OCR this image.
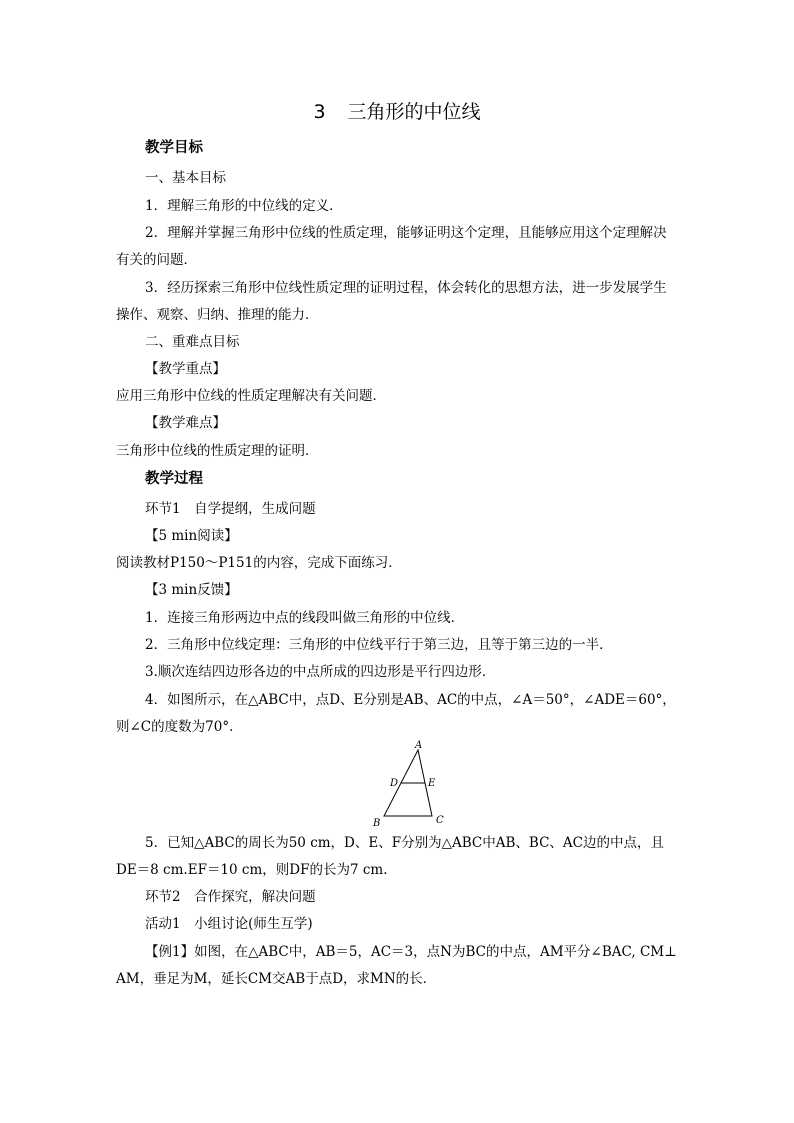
3 三角形的中位线
教学目标
一、基本目标
1．理解三角形的中位线的定义．
2．理解并掌握三角形中位线的性质定理，能够证明这个定理，且能够应用这个定理解决
有关的问题．
3．经历探索三角形中位线性质定理的证明过程，体会转化的思想方法，进一步发展学生
操作、观察、归纳、推理的能力．
二、重难点目标
【教学重点】
应用三角形中位线的性质定理解决有关问题．
【教学难点】
三角形中位线的性质定理的证明．
教学过程
环节1　自学提纲，生成问题
【5 min阅读】
阅读教材P150～P151的内容，完成下面练习．
【3 min反馈】
1．连接三角形两边中点的线段叫做三角形的中位线．
2．三角形中位线定理：三角形的中位线平行于第三边，且等于第三边的一半．
3.顺次连结四边形各边的中点所成的四边形是平行四边形．
4．如图所示，在△ABC中，点D、E分别是AB、AC的中点，∠A＝50°，∠ADE＝60°，
则∠C的度数为70°.
A
D	E
B	C
5．已知△ABC的周长为50 cm，D、E、F分别为△ABC中AB、BC、AC边的中点，且
DE＝8 cm.EF＝10 cm，则DF的长为7 cm.
环节2　合作探究，解决问题
活动1　小组讨论(师生互学)
【例1】如图，在△ABC中，AB＝5，AC＝3，点N为BC的中点，AM平分∠BAC, CM⊥
AM，垂足为M，延长CM交AB于点D，求MN的长．
